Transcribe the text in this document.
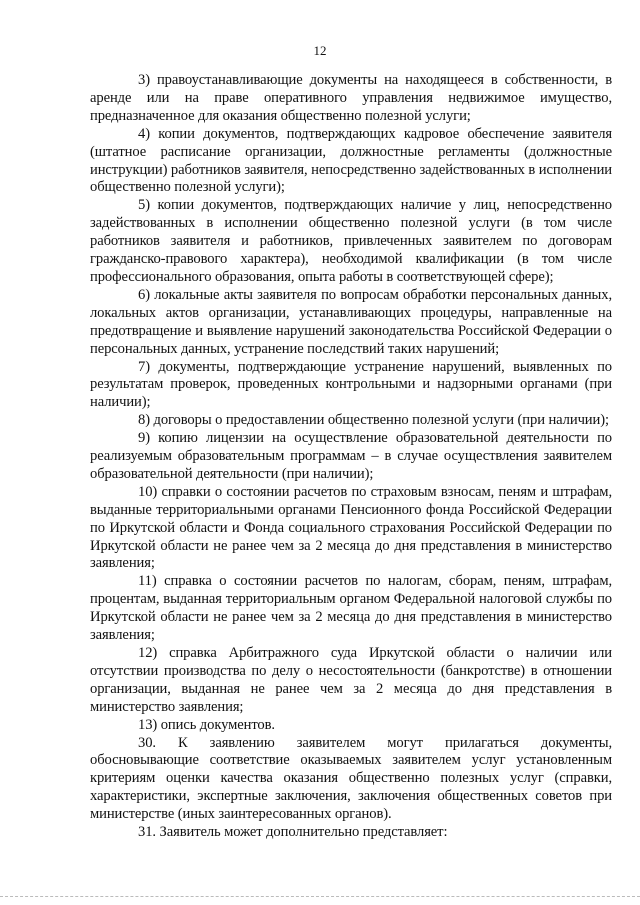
12

3) правоустанавливающие документы на находящееся в собственности, в аренде или на праве оперативного управления недвижимое имущество, предназначенное для оказания общественно полезной услуги;

4) копии документов, подтверждающих кадровое обеспечение заявителя (штатное расписание организации, должностные регламенты (должностные инструкции) работников заявителя, непосредственно задействованных в исполнении общественно полезной услуги);

5) копии документов, подтверждающих наличие у лиц, непосредственно задействованных в исполнении общественно полезной услуги (в том числе работников заявителя и работников, привлеченных заявителем по договорам гражданско-правового характера), необходимой квалификации (в том числе профессионального образования, опыта работы в соответствующей сфере);

6) локальные акты заявителя по вопросам обработки персональных данных, локальных актов организации, устанавливающих процедуры, направленные на предотвращение и выявление нарушений законодательства Российской Федерации о персональных данных, устранение последствий таких нарушений;

7) документы, подтверждающие устранение нарушений, выявленных по результатам проверок, проведенных контрольными и надзорными органами (при наличии);

8) договоры о предоставлении общественно полезной услуги (при наличии);

9) копию лицензии на осуществление образовательной деятельности по реализуемым образовательным программам – в случае осуществления заявителем образовательной деятельности (при наличии);

10) справки о состоянии расчетов по страховым взносам, пеням и штрафам, выданные территориальными органами Пенсионного фонда Российской Федерации по Иркутской области и Фонда социального страхования Российской Федерации по Иркутской области не ранее чем за 2 месяца до дня представления в министерство заявления;

11) справка о состоянии расчетов по налогам, сборам, пеням, штрафам, процентам, выданная территориальным органом Федеральной налоговой службы по Иркутской области не ранее чем за 2 месяца до дня представления в министерство заявления;

12) справка Арбитражного суда Иркутской области о наличии или отсутствии производства по делу о несостоятельности (банкротстве) в отношении организации, выданная не ранее чем за 2 месяца до дня представления в министерство заявления;

13) опись документов.

30. К заявлению заявителем могут прилагаться документы, обосновывающие соответствие оказываемых заявителем услуг установленным критериям оценки качества оказания общественно полезных услуг (справки, характеристики, экспертные заключения, заключения общественных советов при министерстве (иных заинтересованных органов).

31. Заявитель может дополнительно представляет:
